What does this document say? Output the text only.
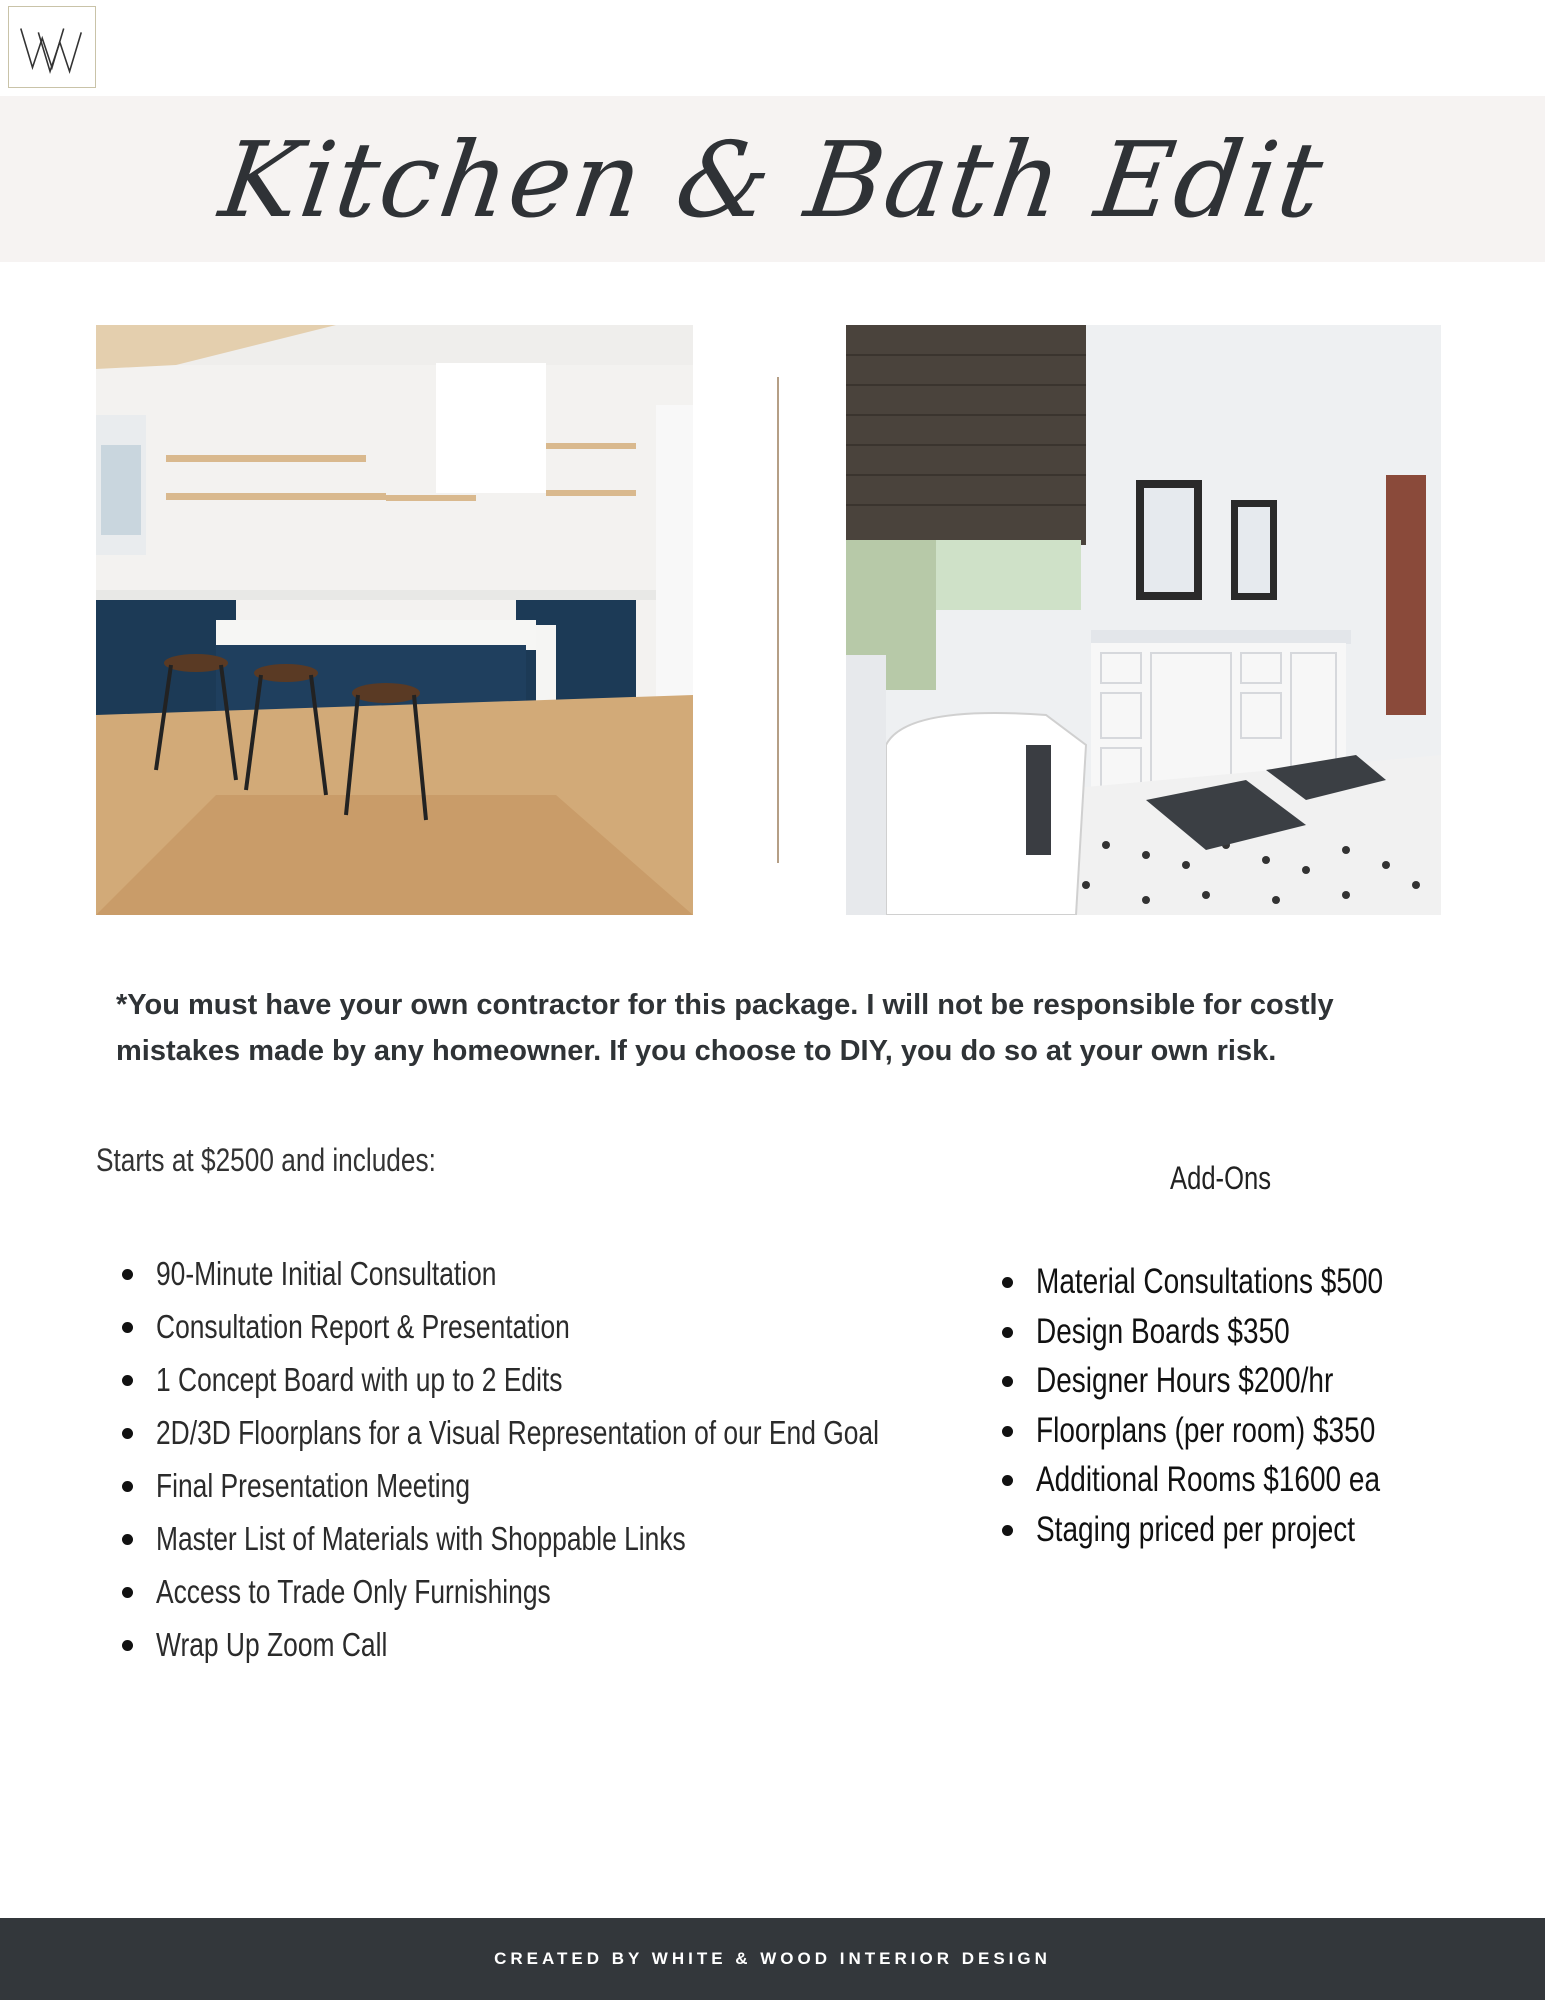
Kitchen & Bath Edit

*You must have your own contractor for this package. I will not be responsible for costly mistakes made by any homeowner. If you choose to DIY, you do so at your own risk.

Starts at $2500 and includes:	Add-Ons

90-Minute Initial Consultation
Consultation Report & Presentation
1 Concept Board with up to 2 Edits
2D/3D Floorplans for a Visual Representation of our End Goal
Final Presentation Meeting
Master List of Materials with Shoppable Links
Access to Trade Only Furnishings
Wrap Up Zoom Call
Material Consultations $500
Design Boards $350
Designer Hours $200/hr
Floorplans (per room) $350
Additional Rooms $1600 ea
Staging priced per project
CREATED BY WHITE & WOOD INTERIOR DESIGN
